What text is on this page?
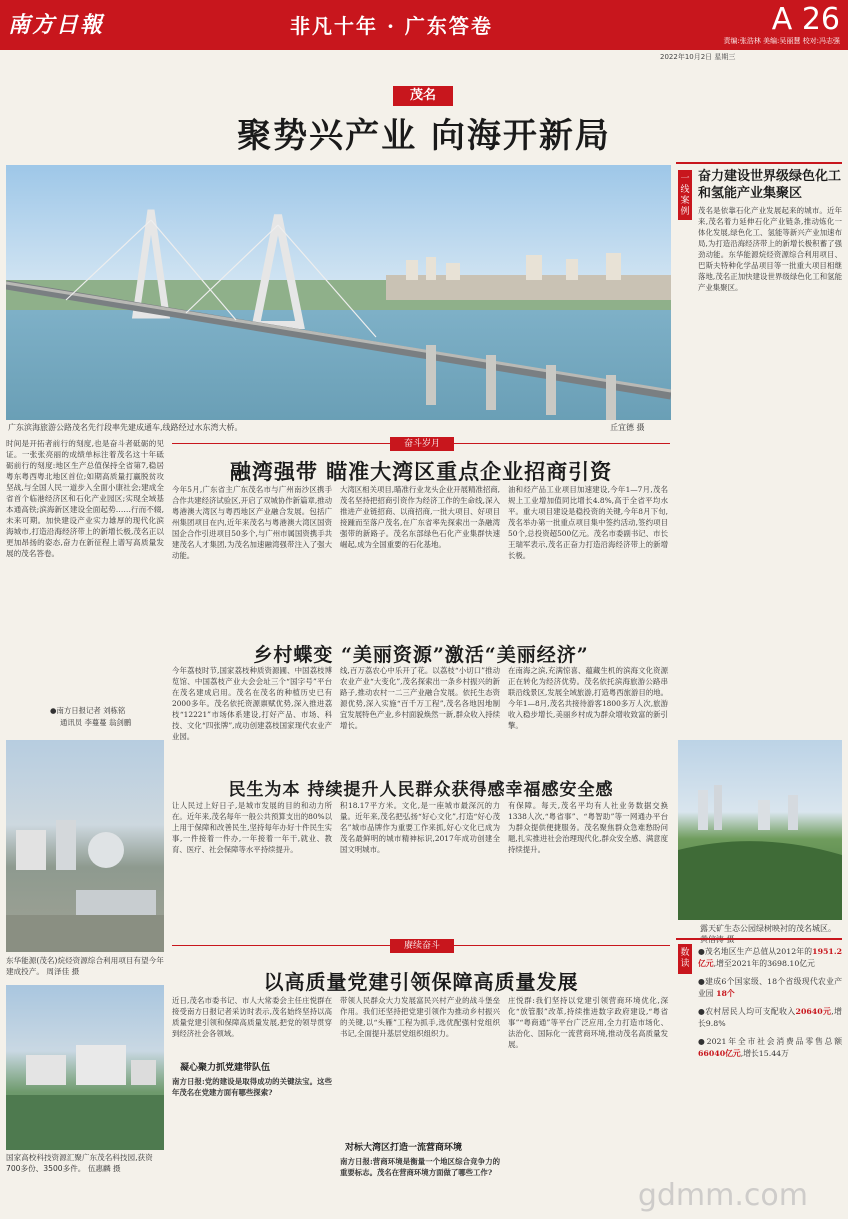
南方日報	非凡十年 · 广东答卷	A 26
责编:张浩林 美编:吴丽慧 校对:冯志强
2022年10月2日 星期三
茂名
聚势兴产业 向海开新局
广东滨海旅游公路茂名先行段率先建成通车,线路经过水东湾大桥。	丘宜德 摄
时间是开拓者前行的刻度,也是奋斗者砥砺的见证。一张张亮丽的成绩单标注着茂名这十年砥砺前行的刻度:地区生产总值保持全省第7,稳居粤东粤西粤北地区首位;如期高质量打赢脱贫攻坚战,与全国人民一道步入全面小康社会;建成全省首个临港经济区和石化产业园区;实现全域基本通高铁;滨海新区建设全面起势……行而不辍,未来可期。加快建设产业实力雄厚的现代化滨海城市,打造沿海经济带上的新增长极,茂名正以更加昂扬的姿态,奋力在新征程上谱写高质量发展的茂名答卷。
●南方日报记者 刘栋铭
通讯员 李蔓蔓 翁剑鹏
东华能源(茂名)烷烃资源综合利用项目有望今年建成投产。 周泽佳 摄
国家高校科技资源汇聚广东茂名科技园,获资700多份、3500多件。 伍惠麟 摄
奋斗岁月
融湾强带 瞄准大湾区重点企业招商引资
今年5月,广东省主广东茂名市与广州南沙区携手合作共建经济试验区,开启了双城协作新篇章,推动粤港澳大湾区与粤西地区产业融合发展。包括广州集团项目在内,近年来茂名与粤港澳大湾区国资国企合作引进项目50多个,与广州市属国资携手共建茂名人才集团,为茂名加速融湾强带注入了强大动能。
大湾区相关项目,瞄准行业龙头企业开展精准招商,茂名坚持把招商引资作为经济工作的生命线,深入推进产业链招商、以商招商,一批大项目、好项目接踵而至落户茂名,在广东省率先探索出一条融湾强带的新路子。茂名东部绿色石化产业集群快速崛起,成为全国重要的石化基地。
油和烃产品工业项目加速建设,今年1—7月,茂名规上工业增加值同比增长4.8%,高于全省平均水平。重大项目建设是稳投资的关键,今年8月下旬,茂名举办第一批重点项目集中签约活动,签约项目50个,总投资超500亿元。茂名市委副书记、市长王瑞军表示,茂名正奋力打造沿海经济带上的新增长极。
乡村蝶变 “美丽资源”激活“美丽经济”
今年荔枝时节,国家荔枝种质资源圃、中国荔枝博览馆、中国荔枝产业大会会址三个“国字号”平台在茂名建成启用。茂名在茂名的种植历史已有2000多年。茂名依托资源禀赋优势,深入推进荔枝“12221”市场体系建设,打好产品、市场、科技、文化“四张牌”,成功创建荔枝国家现代农业产业园。
线,百万荔农心中乐开了花。以荔枝“小切口”推动农业产业“大变化”,茂名探索出一条乡村振兴的新路子,推动农村一二三产业融合发展。依托生态资源优势,深入实施“百千万工程”,茂名各地因地制宜发展特色产业,乡村面貌焕然一新,群众收入持续增长。
在南海之滨,充满惊喜、蕴藏生机的滨海文化资源正在转化为经济优势。茂名依托滨海旅游公路串联沿线景区,发展全域旅游,打造粤西旅游目的地。今年1—8月,茂名共接待游客1800多万人次,旅游收入稳步增长,美丽乡村成为群众增收致富的新引擎。
民生为本 持续提升人民群众获得感幸福感安全感
让人民过上好日子,是城市发展的目的和动力所在。近年来,茂名每年一般公共预算支出的80%以上用于保障和改善民生,坚持每年办好十件民生实事,一件接着一件办,一年接着一年干,就业、教育、医疗、社会保障等水平持续提升。
积18.17平方米。文化,是一座城市最深沉的力量。近年来,茂名把弘扬“好心文化”,打造“好心茂名”城市品牌作为重要工作来抓,好心文化已成为茂名最鲜明的城市精神标识,2017年成功创建全国文明城市。
有保障。每天,茂名平均有人社业务数据交换1338人次,“粤省事”、“粤智助”等一网通办平台为群众提供便捷服务。茂名聚焦群众急难愁盼问题,扎实推进社会治理现代化,群众安全感、满意度持续提升。
赓续奋斗
以高质量党建引领保障高质量发展
近日,茂名市委书记、市人大常委会主任庄悦群在接受南方日报记者采访时表示,茂名始终坚持以高质量党建引领和保障高质量发展,把党的领导贯穿到经济社会各领域。
凝心聚力抓党建带队伍
南方日报:党的建设是取得成功的关键法宝。这些年茂名在党建方面有哪些探索?
带领人民群众大力发展富民兴村产业的战斗堡垒作用。我们还坚持把党建引领作为推动乡村振兴的关键,以“头雁”工程为抓手,选优配强村党组织书记,全面提升基层党组织组织力。
对标大湾区打造一流营商环境
南方日报:营商环境是衡量一个地区综合竞争力的重要标志。茂名在营商环境方面做了哪些工作?
庄悦群:我们坚持以党建引领营商环境优化,深化“放管服”改革,持续推进数字政府建设,“粤省事”“粤商通”等平台广泛应用,全力打造市场化、法治化、国际化一流营商环境,推动茂名高质量发展。
一线案例
奋力建设世界级绿色化工和氢能产业集聚区
茂名是依靠石化产业发展起来的城市。近年来,茂名着力延伸石化产业链条,推动炼化一体化发展,绿色化工、氢能等新兴产业加速布局,为打造沿海经济带上的新增长极积蓄了强劲动能。东华能源烷烃资源综合利用项目、巴斯夫特种化学品项目等一批重大项目相继落地,茂名正加快建设世界级绿色化工和氢能产业集聚区。
露天矿生态公园绿树映衬的茂名城区。
数读

●茂名地区生产总值从2012年的1951.2亿元,增至2021年的3698.10亿元

●建成6个国家级、18个省级现代农业产业园 18个

●农村居民人均可支配收入20640元,增长9.8%

●2021年全市社会消费品零售总额66040亿元,增长15.44万

gdmm.com
